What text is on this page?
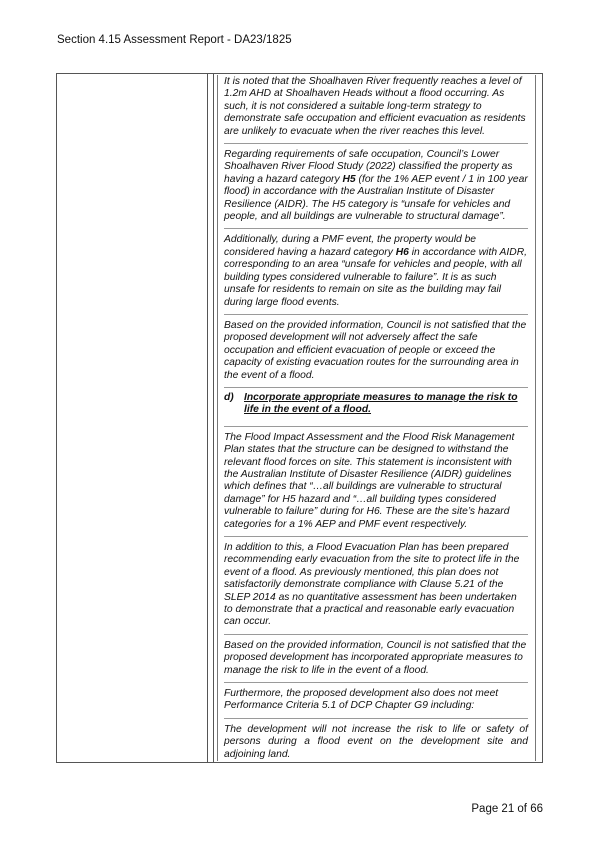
Section 4.15 Assessment Report - DA23/1825

It is noted that the Shoalhaven River frequently reaches a level of 1.2m AHD at Shoalhaven Heads without a flood occurring. As such, it is not considered a suitable long-term strategy to demonstrate safe occupation and efficient evacuation as residents are unlikely to evacuate when the river reaches this level.

Regarding requirements of safe occupation, Council’s Lower Shoalhaven River Flood Study (2022) classified the property as having a hazard category H5 (for the 1% AEP event / 1 in 100 year flood) in accordance with the Australian Institute of Disaster Resilience (AIDR). The H5 category is “unsafe for vehicles and people, and all buildings are vulnerable to structural damage”.

Additionally, during a PMF event, the property would be considered having a hazard category H6 in accordance with AIDR, corresponding to an area “unsafe for vehicles and people, with all building types considered vulnerable to failure”. It is as such unsafe for residents to remain on site as the building may fail during large flood events.

Based on the provided information, Council is not satisfied that the proposed development will not adversely affect the safe occupation and efficient evacuation of people or exceed the capacity of existing evacuation routes for the surrounding area in the event of a flood.

d) Incorporate appropriate measures to manage the risk to life in the event of a flood.

The Flood Impact Assessment and the Flood Risk Management Plan states that the structure can be designed to withstand the relevant flood forces on site. This statement is inconsistent with the Australian Institute of Disaster Resilience (AIDR) guidelines which defines that “…all buildings are vulnerable to structural damage” for H5 hazard and “…all building types considered vulnerable to failure” during for H6. These are the site’s hazard categories for a 1% AEP and PMF event respectively.

In addition to this, a Flood Evacuation Plan has been prepared recommending early evacuation from the site to protect life in the event of a flood. As previously mentioned, this plan does not satisfactorily demonstrate compliance with Clause 5.21 of the SLEP 2014 as no quantitative assessment has been undertaken to demonstrate that a practical and reasonable early evacuation can occur.

Based on the provided information, Council is not satisfied that the proposed development has incorporated appropriate measures to manage the risk to life in the event of a flood.

Furthermore, the proposed development also does not meet Performance Criteria 5.1 of DCP Chapter G9 including:

The development will not increase the risk to life or safety of persons during a flood event on the development site and adjoining land.

Page 21 of 66
